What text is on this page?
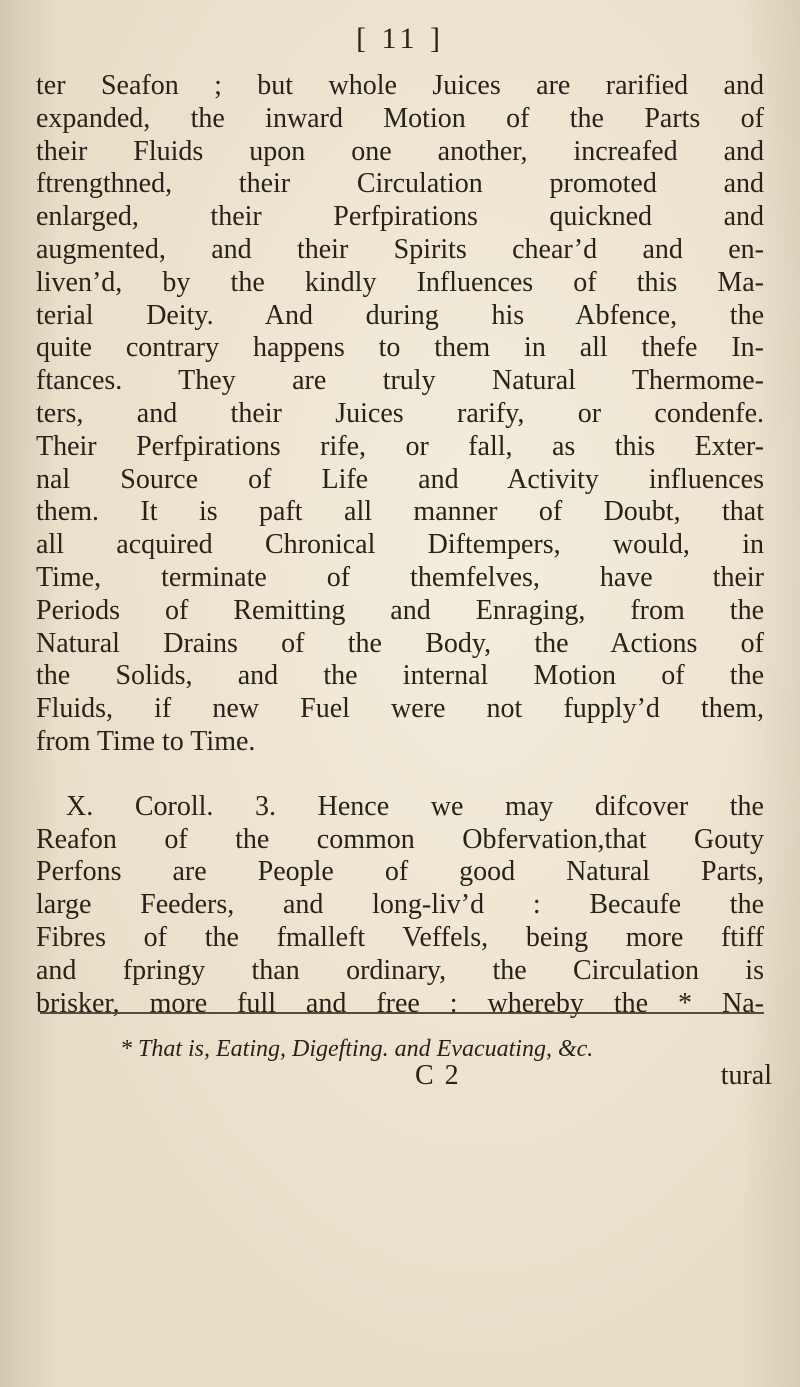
[ 11 ]
ter Seafon ; but whole Juices are rarified and
expanded, the inward Motion of the Parts of
their Fluids upon one another, increafed and
ftrengthned, their Circulation promoted and
enlarged, their Perfpirations quickned and
augmented, and their Spirits chear’d and en-
liven’d, by the kindly Influences of this Ma-
terial Deity. And during his Abfence, the
quite contrary happens to them in all thefe In-
ftances. They are truly Natural Thermome-
ters, and their Juices rarify, or condenfe.
Their Perfpirations rife, or fall, as this Exter-
nal Source of Life and Activity influences
them. It is paft all manner of Doubt, that
all acquired Chronical Diftempers, would, in
Time, terminate of themfelves, have their
Periods of Remitting and Enraging, from the
Natural Drains of the Body, the Actions of
the Solids, and the internal Motion of the
Fluids, if new Fuel were not fupply’d them,
from Time to Time.
X. Coroll. 3. Hence we may difcover the
Reafon of the common Obfervation,that Gouty
Perfons are People of good Natural Parts,
large Feeders, and long-liv’d : Becaufe the
Fibres of the fmalleft Veffels, being more ftiff
and fpringy than ordinary, the Circulation is
brisker, more full and free : whereby the * Na-
* That is, Eating, Digefting. and Evacuating, &c.
C 2	tural
